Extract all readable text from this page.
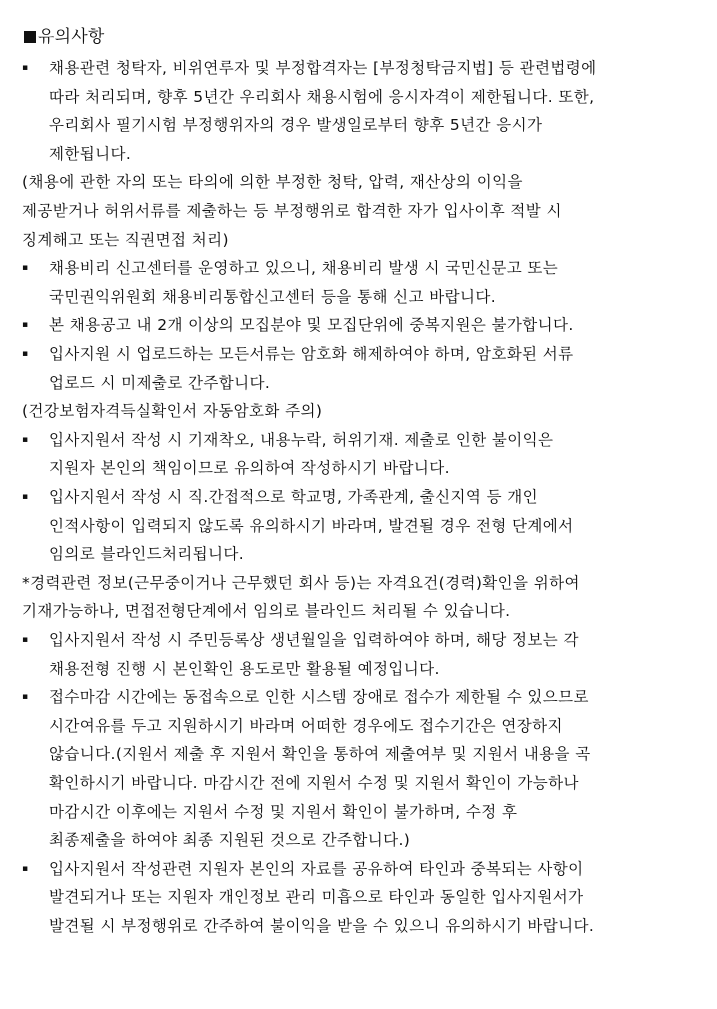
유의사항
▪ 채용관련 청탁자, 비위연루자 및 부정합격자는 [부정청탁금지법] 등 관련법령에
따라 처리되며, 향후 5년간 우리회사 채용시험에 응시자격이 제한됩니다. 또한,
우리회사 필기시험 부정행위자의 경우 발생일로부터 향후 5년간 응시가
제한됩니다.
(채용에 관한 자의 또는 타의에 의한 부정한 청탁, 압력, 재산상의 이익을
제공받거나 허위서류를 제출하는 등 부정행위로 합격한 자가 입사이후 적발 시
징계해고 또는 직권면접 처리)
▪ 채용비리 신고센터를 운영하고 있으니, 채용비리 발생 시 국민신문고 또는
국민권익위원회 채용비리통합신고센터 등을 통해 신고 바랍니다.
▪ 본 채용공고 내 2개 이상의 모집분야 및 모집단위에 중복지원은 불가합니다.
▪ 입사지원 시 업로드하는 모든서류는 암호화 해제하여야 하며, 암호화된 서류
업로드 시 미제출로 간주합니다.
(건강보험자격득실확인서 자동암호화 주의)
▪ 입사지원서 작성 시 기재착오, 내용누락, 허위기재. 제출로 인한 불이익은
지원자 본인의 책임이므로 유의하여 작성하시기 바랍니다.
▪ 입사지원서 작성 시 직.간접적으로 학교명, 가족관계, 출신지역 등 개인
인적사항이 입력되지 않도록 유의하시기 바라며, 발견될 경우 전형 단계에서
임의로 블라인드처리됩니다.
*경력관련 정보(근무중이거나 근무했던 회사 등)는 자격요건(경력)확인을 위하여
기재가능하나, 면접전형단계에서 임의로 블라인드 처리될 수 있습니다.
▪ 입사지원서 작성 시 주민등록상 생년월일을 입력하여야 하며, 해당 정보는 각
채용전형 진행 시 본인확인 용도로만 활용될 예정입니다.
▪ 접수마감 시간에는 동접속으로 인한 시스템 장애로 접수가 제한될 수 있으므로
시간여유를 두고 지원하시기 바라며 어떠한 경우에도 접수기간은 연장하지
않습니다.(지원서 제출 후 지원서 확인을 통하여 제출여부 및 지원서 내용을 곡
확인하시기 바랍니다. 마감시간 전에 지원서 수정 및 지원서 확인이 가능하나
마감시간 이후에는 지원서 수정 및 지원서 확인이 불가하며, 수정 후
최종제출을 하여야 최종 지원된 것으로 간주합니다.)
▪ 입사지원서 작성관련 지원자 본인의 자료를 공유하여 타인과 중복되는 사항이
발견되거나 또는 지원자 개인정보 관리 미흡으로 타인과 동일한 입사지원서가
발견될 시 부정행위로 간주하여 불이익을 받을 수 있으니 유의하시기 바랍니다.
